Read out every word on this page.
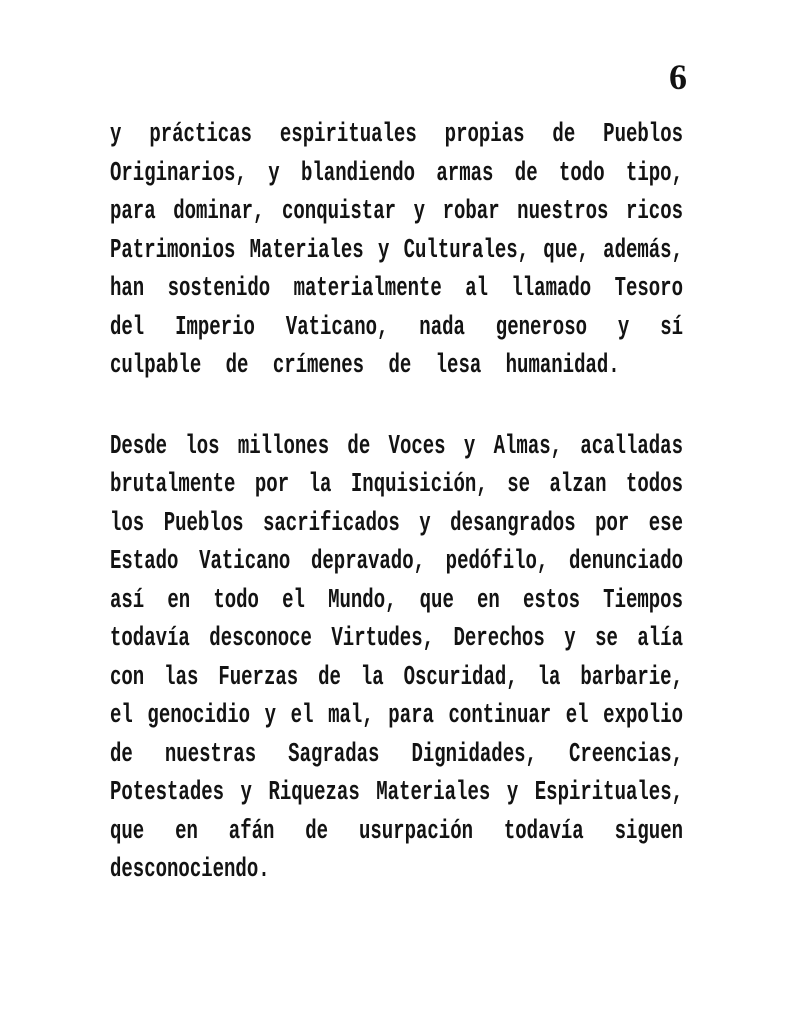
6
y prácticas espirituales propias de Pueblos
Originarios, y blandiendo armas de todo tipo,
para dominar, conquistar y robar nuestros ricos
Patrimonios Materiales y Culturales, que, además,
han sostenido materialmente al llamado Tesoro
del Imperio Vaticano, nada generoso y sí
culpable de crímenes de lesa humanidad.
Desde los millones de Voces y Almas, acalladas
brutalmente por la Inquisición, se alzan todos
los Pueblos sacrificados y desangrados por ese
Estado Vaticano depravado, pedófilo, denunciado
así en todo el Mundo, que en estos Tiempos
todavía desconoce Virtudes, Derechos y se alía
con las Fuerzas de la Oscuridad, la barbarie,
el genocidio y el mal, para continuar el expolio
de nuestras Sagradas Dignidades, Creencias,
Potestades y Riquezas Materiales y Espirituales,
que en afán de usurpación todavía siguen
desconociendo.
